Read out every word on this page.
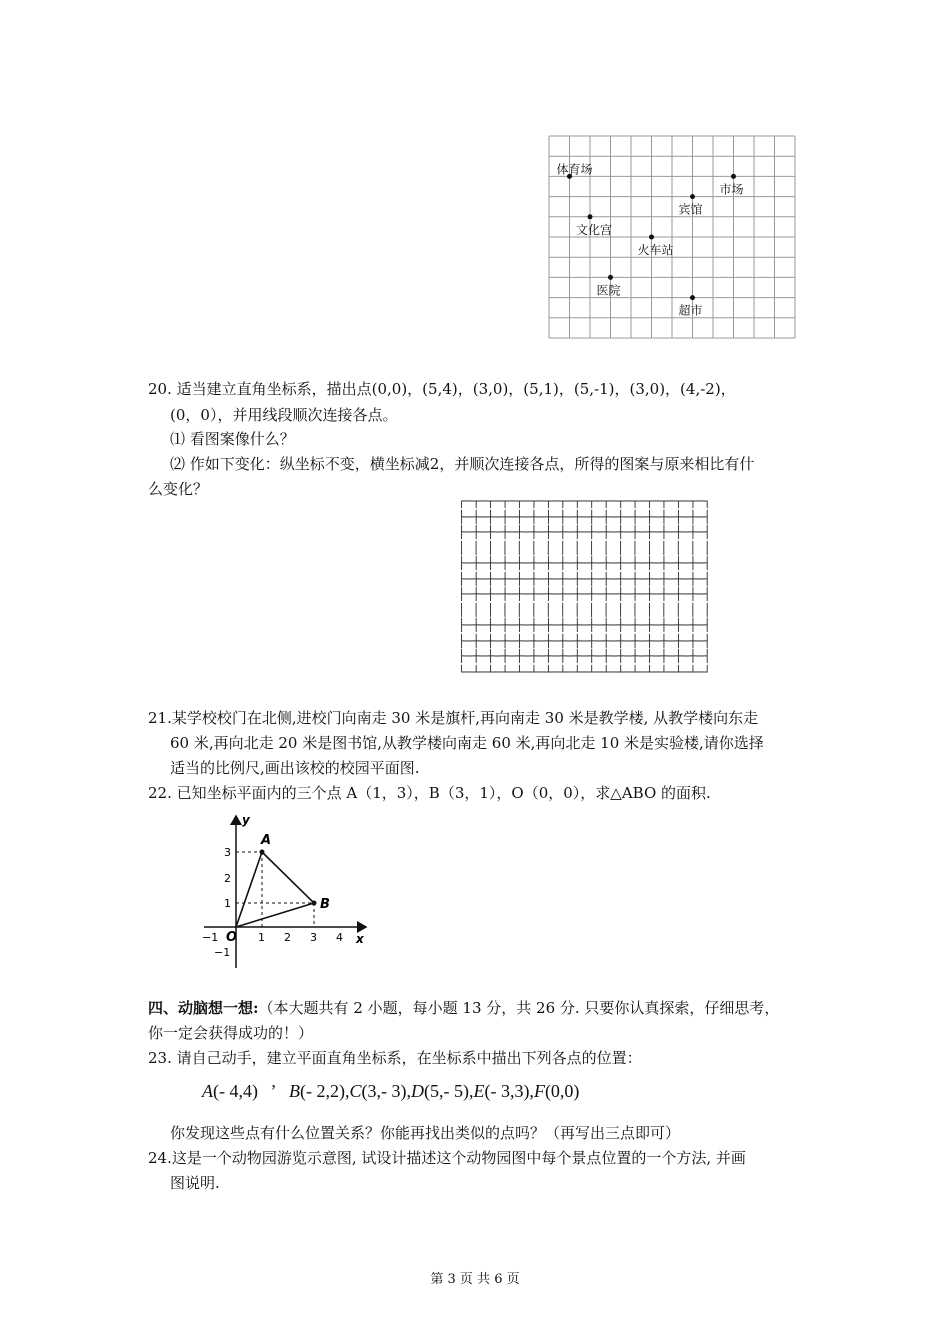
体育场
市场
宾馆
文化宫
火车站
医院
超市
20. 适当建立直角坐标系，描出点(0,0)，(5,4)，(3,0)，(5,1)，(5,-1)，(3,0)，(4,-2)，
(0，0），并用线段顺次连接各点。
⑴ 看图案像什么？
⑵ 作如下变化：纵坐标不变，横坐标减2，并顺次连接各点，所得的图案与原来相比有什
么变化？
┌─┬─┬─┬─┬─┬─┬─┬─┬─┬─┬─┬─┬─┬─┬─┬─┬─┐
├─┼─┼─┼─┼─┼─┼─┼─┼─┼─┼─┼─┼─┼─┼─┼─┼─┤
├─┼─┼─┼─┼─┼─┼─┼─┼─┼─┼─┼─┼─┼─┼─┼─┼─┤
│ │ │ │ │ │ │ │ │ │ │ │ │ │ │ │ │ │
├─┼─┼─┼─┼─┼─┼─┼─┼─┼─┼─┼─┼─┼─┼─┼─┼─┤
├─┼─┼─┼─┼─┼─┼─┼─┼─┼─┼─┼─┼─┼─┼─┼─┼─┤
├─┼─┼─┼─┼─┼─┼─┼─┼─┼─┼─┼─┼─┼─┼─┼─┼─┤
│ │ │ │ │ │ │ │ │ │ │ │ │ │ │ │ │ │
├─┼─┼─┼─┼─┼─┼─┼─┼─┼─┼─┼─┼─┼─┼─┼─┼─┤
├─┼─┼─┼─┼─┼─┼─┼─┼─┼─┼─┼─┼─┼─┼─┼─┼─┤
├─┼─┼─┼─┼─┼─┼─┼─┼─┼─┼─┼─┼─┼─┼─┼─┼─┤
└─┴─┴─┴─┴─┴─┴─┴─┴─┴─┴─┴─┴─┴─┴─┴─┴─┘
21.某学校校门在北侧,进校门向南走 30 米是旗杆,再向南走 30 米是教学楼, 从教学楼向东走
60 米,再向北走 20 米是图书馆,从教学楼向南走 60 米,再向北走 10 米是实验楼,请你选择
适当的比例尺,画出该校的校园平面图.
22. 已知坐标平面内的三个点 A（1，3），B（3，1），O（0，0），求△ABO 的面积.
A
B
O
y
x
−1	1 2 3 4
3
2
1
−1
四、动脑想一想:（本大题共有 2 小题，每小题 13 分，共 26 分. 只要你认真探索，仔细思考，
你一定会获得成功的！）
23. 请自己动手，建立平面直角坐标系，在坐标系中描出下列各点的位置：
A(- 4,4) ’ B(- 2,2),C(3,- 3),D(5,- 5),E(- 3,3),F(0,0)
你发现这些点有什么位置关系？你能再找出类似的点吗？（再写出三点即可）
24.这是一个动物园游览示意图, 试设计描述这个动物园图中每个景点位置的一个方法, 并画
图说明.
第 3 页 共 6 页
